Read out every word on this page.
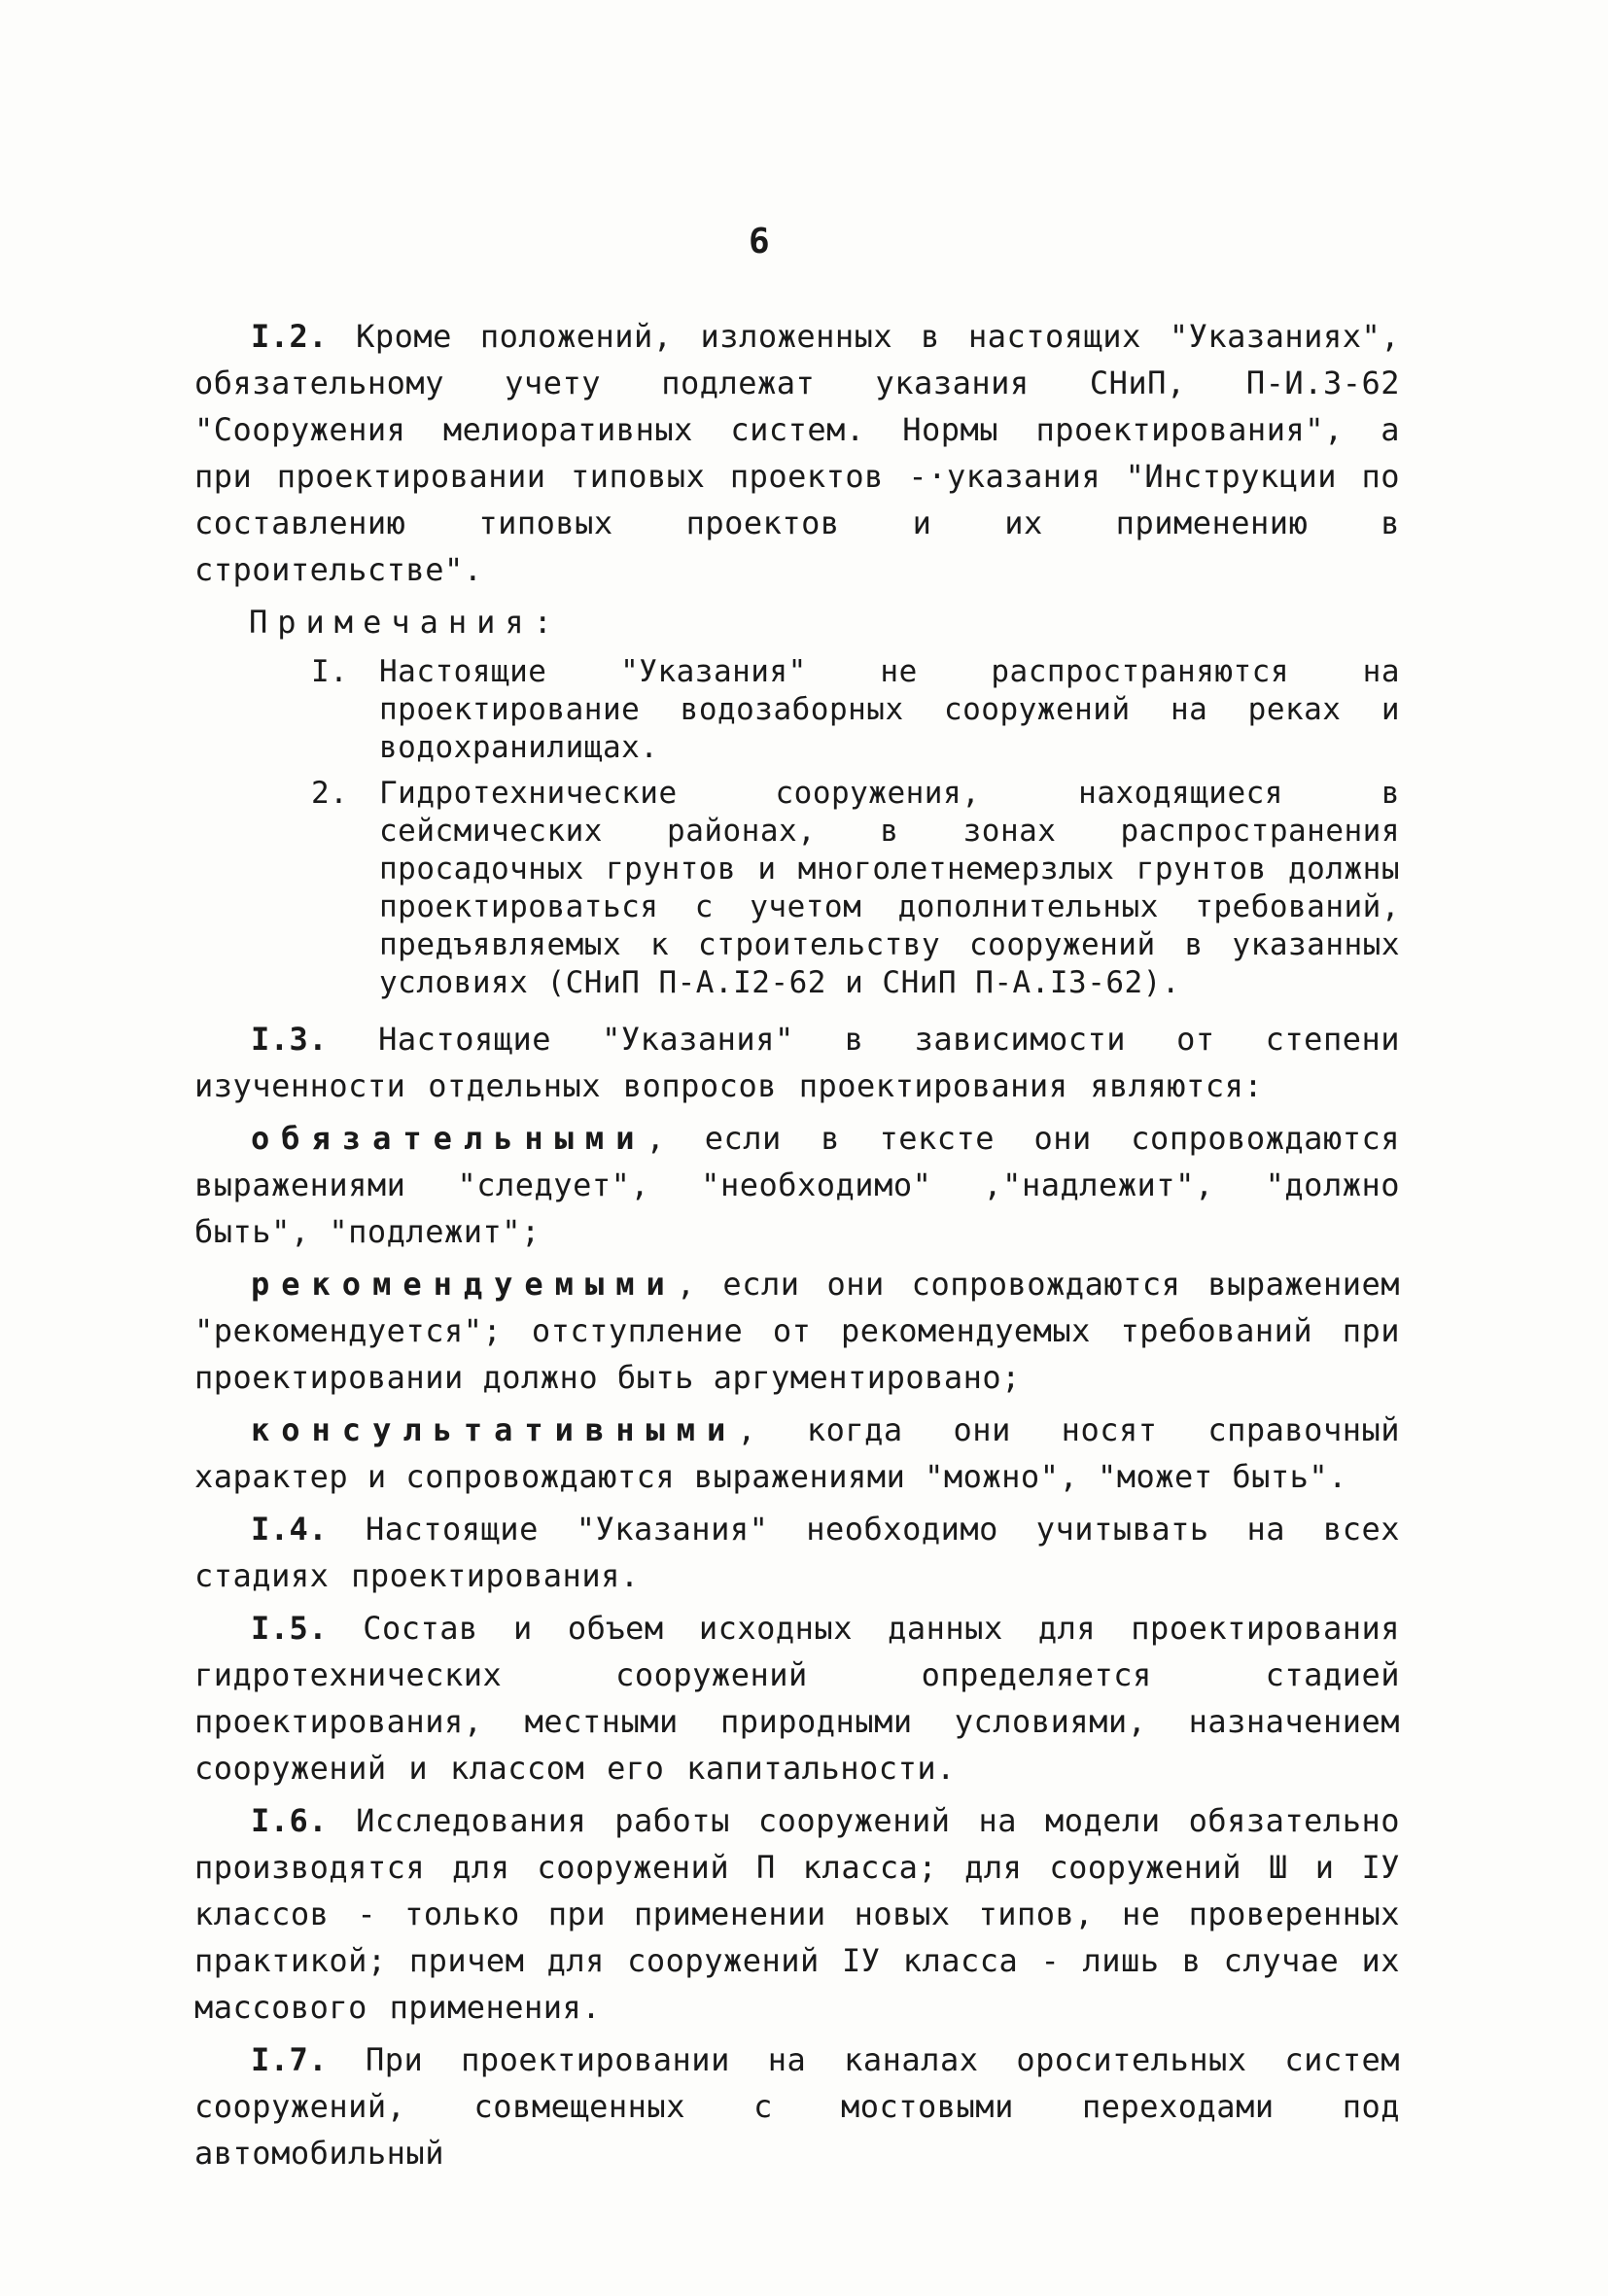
6

I.2. Кроме положений, изложенных в настоящих "Указаниях", обязательному учету подлежат указания СНиП, П-И.3-62 "Сооружения мелиоративных систем. Нормы проектирования", а при проектировании типовых проектов -·указания "Инструкции по составлению типовых проектов и их применению в строительстве".

Примечания:
I.	Настоящие "Указания" не распространяются на проектирование водозаборных сооружений на реках и водохранилищах.
2.	Гидротехнические сооружения, находящиеся в сейсмических районах, в зонах распространения просадочных грунтов и многолетнемерзлых грунтов должны проектироваться с учетом дополнительных требований, предъявляемых к строительству сооружений в указанных условиях (СНиП П-А.I2-62 и СНиП П-А.I3-62).

I.3. Настоящие "Указания" в зависимости от степени изученности отдельных вопросов проектирования являются:

обязательными, если в тексте они сопровождаются выражениями "следует", "необходимо" ,"надлежит", "должно быть", "подлежит";

рекомендуемыми, если они сопровождаются выражением "рекомендуется"; отступление от рекомендуемых требований при проектировании должно быть аргументировано;

консультативными, когда они носят справочный характер и сопровождаются выражениями "можно", "может быть".

I.4. Настоящие "Указания" необходимо учитывать на всех стадиях проектирования.

I.5. Состав и объем исходных данных для проектирования гидротехнических сооружений определяется стадией проектирования, местными природными условиями, назначением сооружений и классом его капитальности.

I.6. Исследования работы сооружений на модели обязательно производятся для сооружений П класса; для сооружений Ш и IУ классов - только при применении новых типов, не проверенных практикой; причем для сооружений IУ класса - лишь в случае их массового применения.

I.7. При проектировании на каналах оросительных систем сооружений, совмещенных с мостовыми переходами под автомобильный
